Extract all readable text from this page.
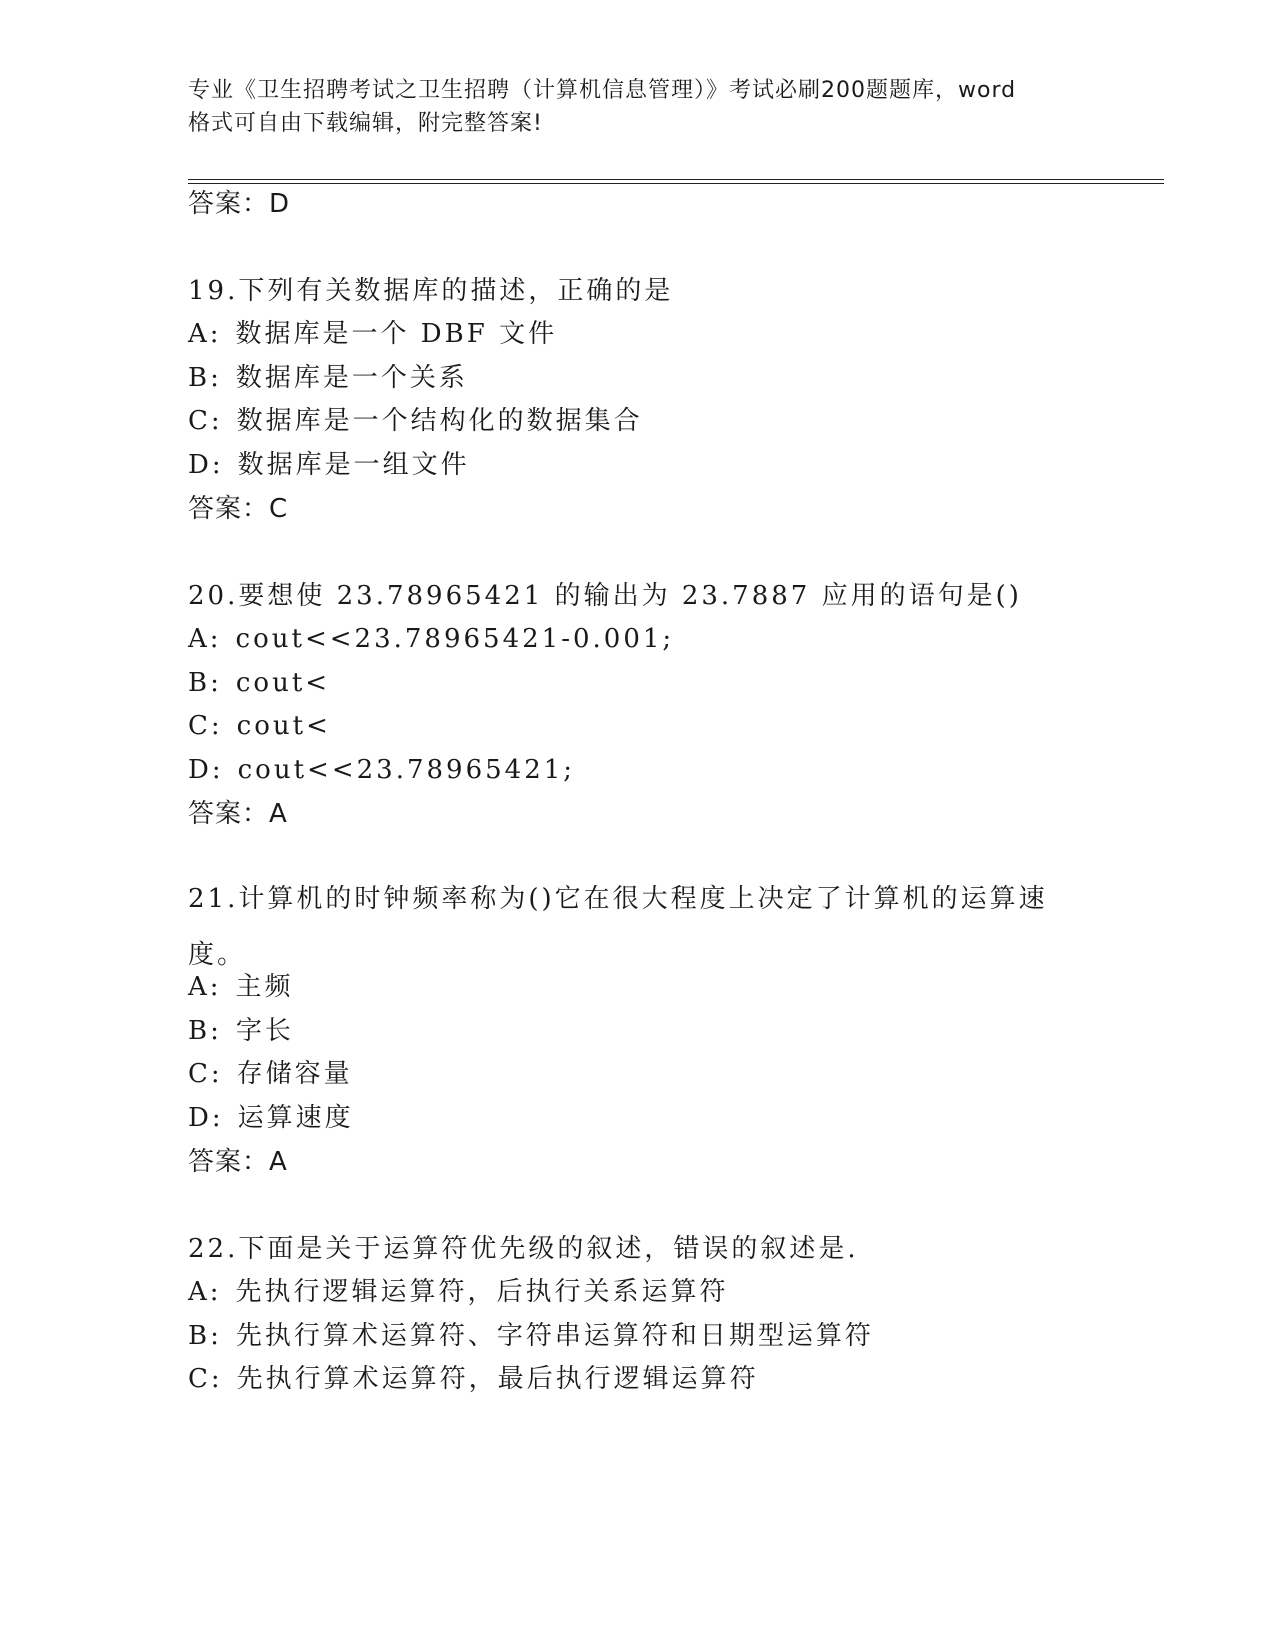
专业《卫生招聘考试之卫生招聘（计算机信息管理）》考试必刷200题题库，word
格式可自由下载编辑，附完整答案!
答案：D
19.下列有关数据库的描述，正确的是
A: 数据库是一个 DBF 文件
B: 数据库是一个关系
C: 数据库是一个结构化的数据集合
D: 数据库是一组文件
答案：C
20.要想使 23.78965421 的输出为 23.7887 应用的语句是()
A: cout<<23.78965421-0.001;
B: cout<
C: cout<
D: cout<<23.78965421;
答案：A
21.计算机的时钟频率称为()它在很大程度上决定了计算机的运算速度。
A: 主频
B: 字长
C: 存储容量
D: 运算速度
答案：A
22.下面是关于运算符优先级的叙述，错误的叙述是.
A: 先执行逻辑运算符，后执行关系运算符
B: 先执行算术运算符、字符串运算符和日期型运算符
C: 先执行算术运算符，最后执行逻辑运算符
